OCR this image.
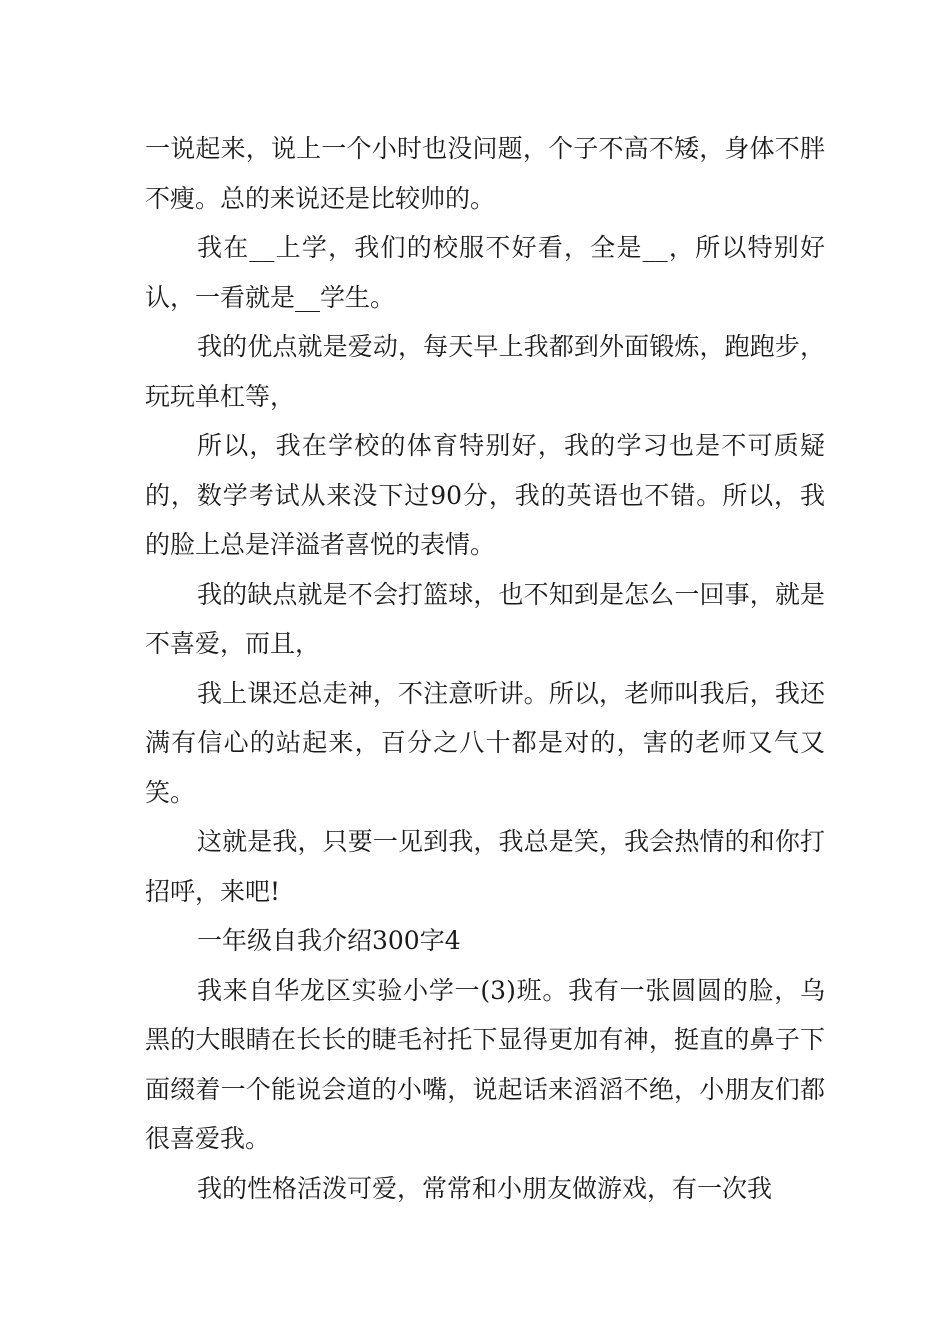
一说起来，说上一个小时也没问题，个子不高不矮，身体不胖不瘦。总的来说还是比较帅的。

我在__上学，我们的校服不好看，全是__，所以特别好认，一看就是__学生。

我的优点就是爱动，每天早上我都到外面锻炼，跑跑步，玩玩单杠等，

所以，我在学校的体育特别好，我的学习也是不可质疑的，数学考试从来没下过90分，我的英语也不错。所以，我的脸上总是洋溢者喜悦的表情。

我的缺点就是不会打篮球，也不知到是怎么一回事，就是不喜爱，而且，

我上课还总走神，不注意听讲。所以，老师叫我后，我还满有信心的站起来，百分之八十都是对的，害的老师又气又笑。

这就是我，只要一见到我，我总是笑，我会热情的和你打招呼，来吧!

一年级自我介绍300字4

我来自华龙区实验小学一(3)班。我有一张圆圆的脸，乌黑的大眼睛在长长的睫毛衬托下显得更加有神，挺直的鼻子下面缀着一个能说会道的小嘴，说起话来滔滔不绝，小朋友们都很喜爱我。

我的性格活泼可爱，常常和小朋友做游戏，有一次我
